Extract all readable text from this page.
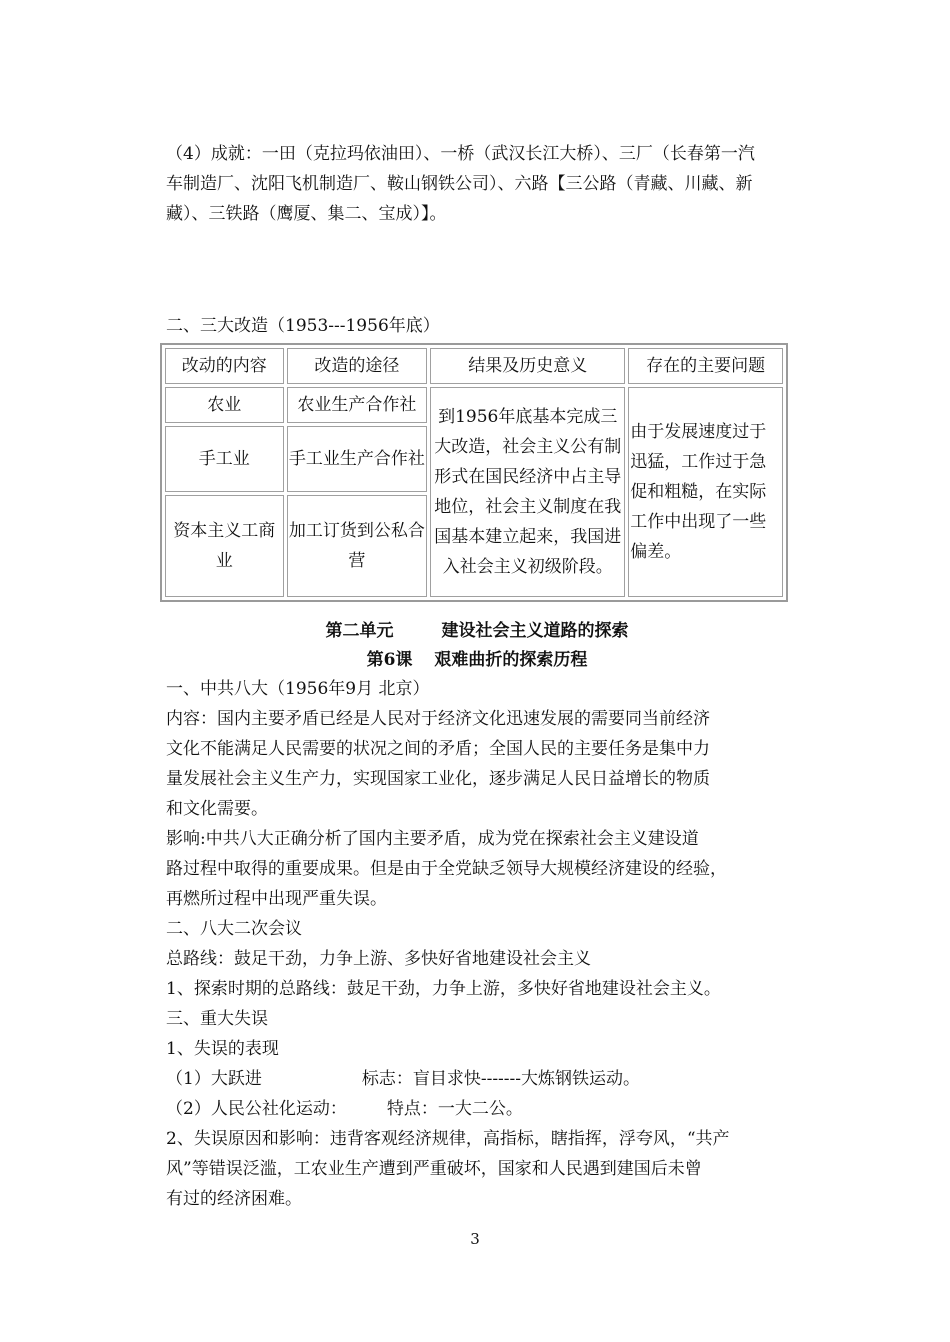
（4）成就：一田（克拉玛依油田）、一桥（武汉长江大桥）、三厂（长春第一汽
车制造厂、沈阳飞机制造厂、鞍山钢铁公司）、六路【三公路（青藏、川藏、新
藏）、三铁路（鹰厦、集二、宝成）】。
二、三大改造（1953---1956年底）
改动的内容	改造的途径	结果及历史意义	存在的主要问题
农业	农业生产合作社	到1956年底基本完成三大改造，社会主义公有制形式在国民经济中占主导地位，社会主义制度在我国基本建立起来，我国进入社会主义初级阶段。	由于发展速度过于迅猛，工作过于急促和粗糙，在实际工作中出现了一些偏差。
手工业	手工业生产合作社		
资本主义工商业	加工订货到公私合营		
第二单元	建设社会主义道路的探索
第6课 艰难曲折的探索历程
一、中共八大（1956年9月 北京）
内容：国内主要矛盾已经是人民对于经济文化迅速发展的需要同当前经济
文化不能满足人民需要的状况之间的矛盾；全国人民的主要任务是集中力
量发展社会主义生产力，实现国家工业化，逐步满足人民日益增长的物质
和文化需要。
影响:中共八大正确分析了国内主要矛盾，成为党在探索社会主义建设道
路过程中取得的重要成果。但是由于全党缺乏领导大规模经济建设的经验，
再燃所过程中出现严重失误。
二、八大二次会议
总路线：鼓足干劲，力争上游、多快好省地建设社会主义
1、探索时期的总路线：鼓足干劲，力争上游，多快好省地建设社会主义。
三、重大失误
1、失误的表现
（1）大跃进	标志：盲目求快-------大炼钢铁运动。
（2）人民公社化运动： 特点：一大二公。
2、失误原因和影响：违背客观经济规律，高指标，瞎指挥，浮夸风，“共产
风”等错误泛滥，工农业生产遭到严重破坏，国家和人民遇到建国后未曾
有过的经济困难。
3
